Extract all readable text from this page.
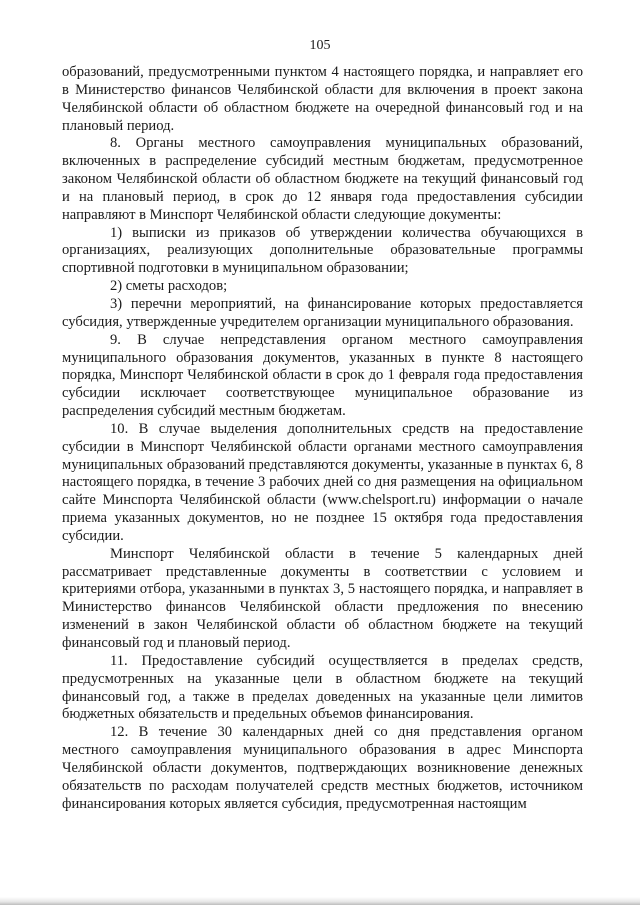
105

образований, предусмотренными пунктом 4 настоящего порядка, и направляет его в Министерство финансов Челябинской области для включения в проект закона Челябинской области об областном бюджете на очередной финансовый год и на плановый период.

8. Органы местного самоуправления муниципальных образований, включенных в распределение субсидий местным бюджетам, предусмотренное законом Челябинской области об областном бюджете на текущий финансовый год и на плановый период, в срок до 12 января года предоставления субсидии направляют в Минспорт Челябинской области следующие документы:

1) выписки из приказов об утверждении количества обучающихся в организациях, реализующих дополнительные образовательные программы спортивной подготовки в муниципальном образовании;

2) сметы расходов;

3) перечни мероприятий, на финансирование которых предоставляется субсидия, утвержденные учредителем организации муниципального образования.

9. В случае непредставления органом местного самоуправления муниципального образования документов, указанных в пункте 8 настоящего порядка, Минспорт Челябинской области в срок до 1 февраля года предоставления субсидии исключает соответствующее муниципальное образование из распределения субсидий местным бюджетам.

10. В случае выделения дополнительных средств на предоставление субсидии в Минспорт Челябинской области органами местного самоуправления муниципальных образований представляются документы, указанные в пунктах 6, 8 настоящего порядка, в течение 3 рабочих дней со дня размещения на официальном сайте Минспорта Челябинской области (www.chelsport.ru) информации о начале приема указанных документов, но не позднее 15 октября года предоставления субсидии.

Минспорт Челябинской области в течение 5 календарных дней рассматривает представленные документы в соответствии с условием и критериями отбора, указанными в пунктах 3, 5 настоящего порядка, и направляет в Министерство финансов Челябинской области предложения по внесению изменений в закон Челябинской области об областном бюджете на текущий финансовый год и плановый период.

11. Предоставление субсидий осуществляется в пределах средств, предусмотренных на указанные цели в областном бюджете на текущий финансовый год, а также в пределах доведенных на указанные цели лимитов бюджетных обязательств и предельных объемов финансирования.

12. В течение 30 календарных дней со дня представления органом местного самоуправления муниципального образования в адрес Минспорта Челябинской области документов, подтверждающих возникновение денежных обязательств по расходам получателей средств местных бюджетов, источником финансирования которых является субсидия, предусмотренная настоящим
